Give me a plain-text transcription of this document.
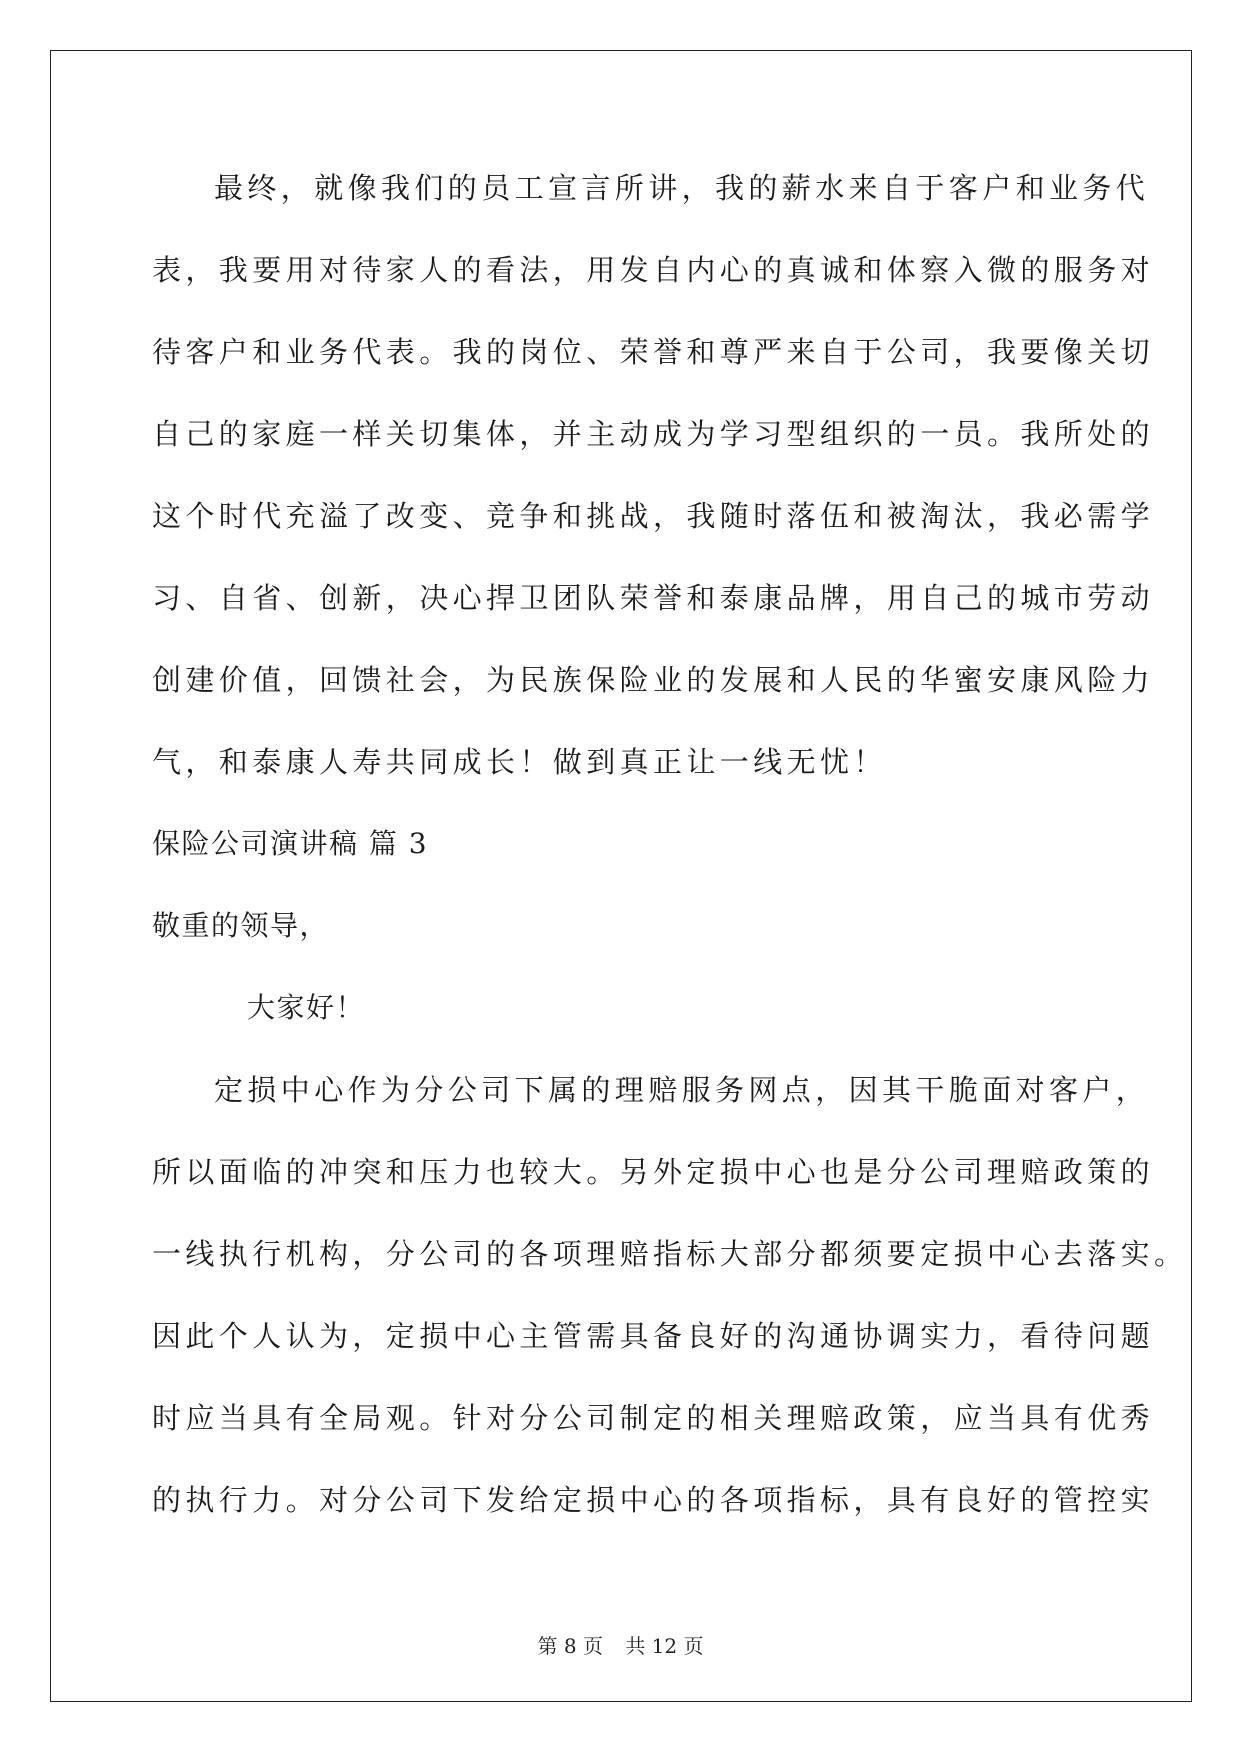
最终，就像我们的员工宣言所讲，我的薪水来自于客户和业务代
表，我要用对待家人的看法，用发自内心的真诚和体察入微的服务对
待客户和业务代表。我的岗位、荣誉和尊严来自于公司，我要像关切
自己的家庭一样关切集体，并主动成为学习型组织的一员。我所处的
这个时代充溢了改变、竞争和挑战，我随时落伍和被淘汰，我必需学
习、自省、创新，决心捍卫团队荣誉和泰康品牌，用自己的城市劳动
创建价值，回馈社会，为民族保险业的发展和人民的华蜜安康风险力
气，和泰康人寿共同成长！做到真正让一线无忧！
保险公司演讲稿 篇 3
敬重的领导，
大家好！
定损中心作为分公司下属的理赔服务网点，因其干脆面对客户，
所以面临的冲突和压力也较大。另外定损中心也是分公司理赔政策的
一线执行机构，分公司的各项理赔指标大部分都须要定损中心去落实。
因此个人认为，定损中心主管需具备良好的沟通协调实力，看待问题
时应当具有全局观。针对分公司制定的相关理赔政策，应当具有优秀
的执行力。对分公司下发给定损中心的各项指标，具有良好的管控实
第 8 页 共 12 页
